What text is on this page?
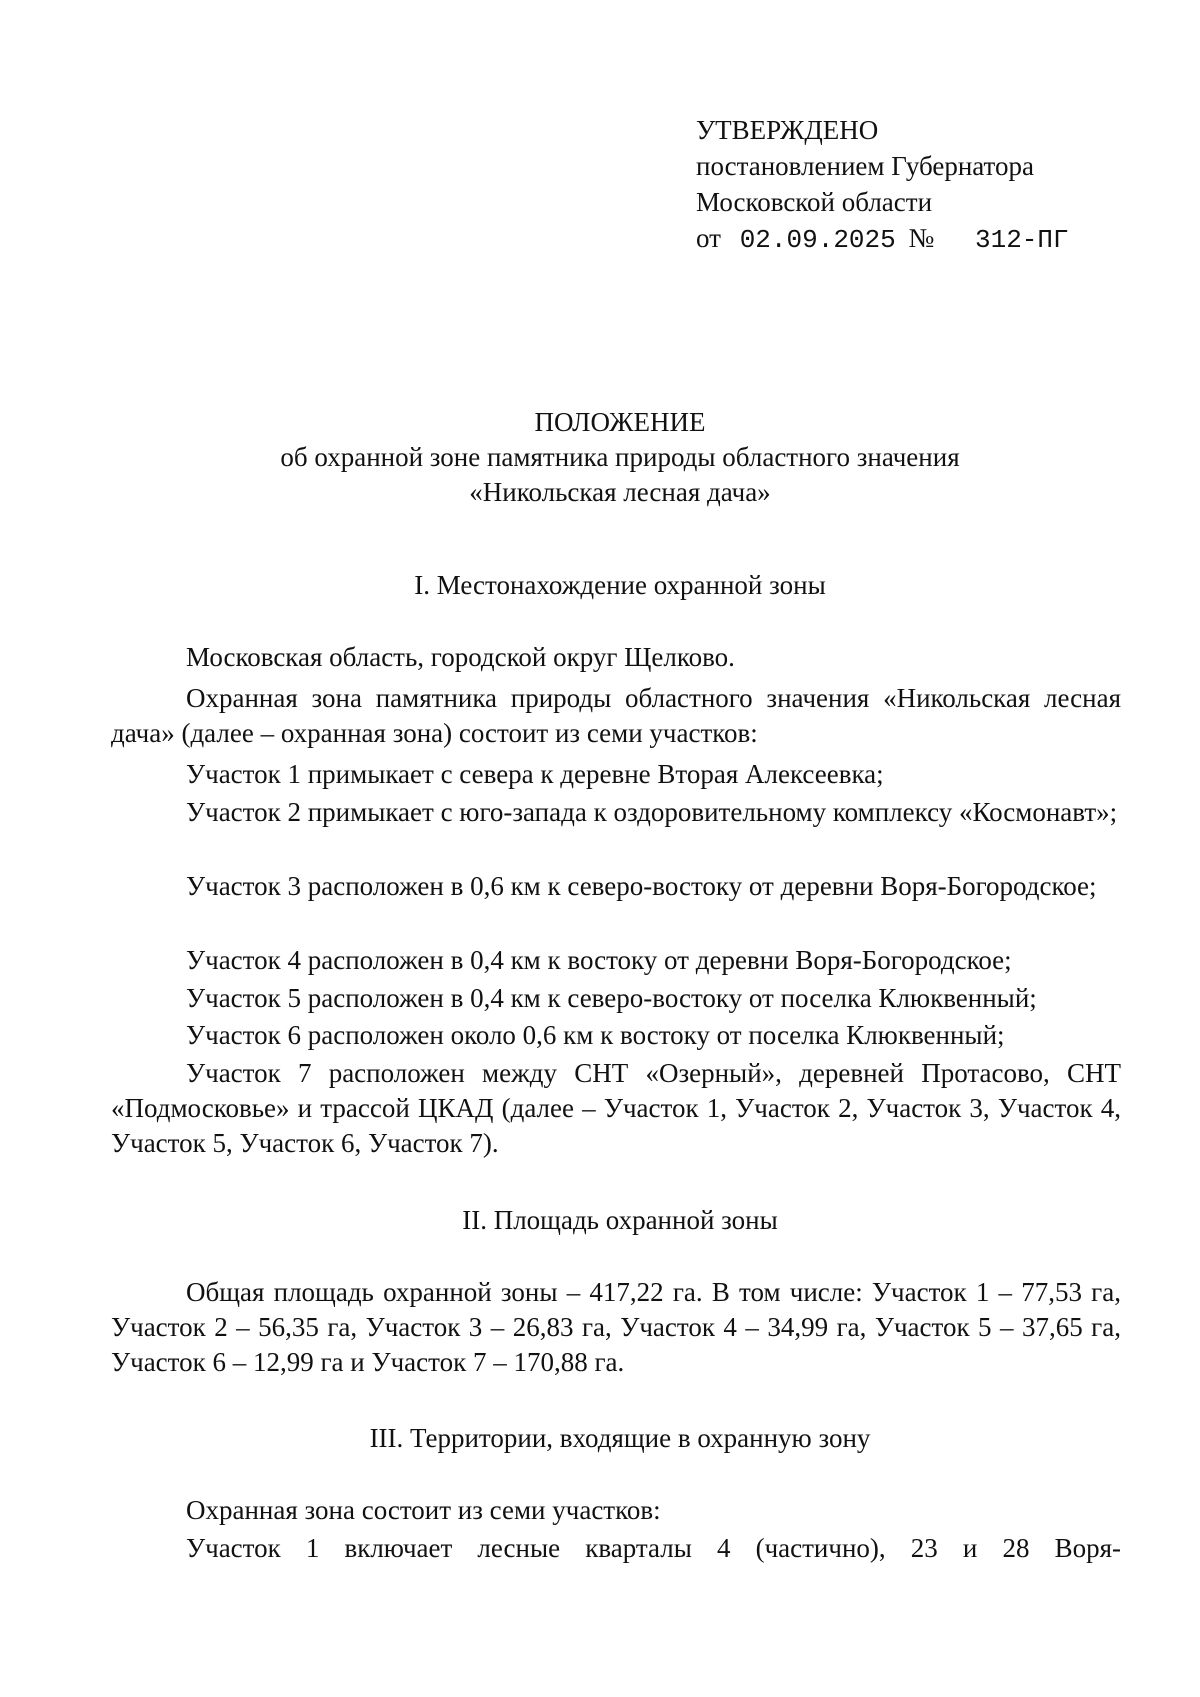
УТВЕРЖДЕНО
постановлением Губернатора
Московской области
от 02.09.2025 № 312-ПГ
ПОЛОЖЕНИЕ
об охранной зоне памятника природы областного значения
«Никольская лесная дача»
I. Местонахождение охранной зоны
Московская область, городской округ Щелково.
Охранная зона памятника природы областного значения «Никольская лесная дача» (далее – охранная зона) состоит из семи участков:
Участок 1 примыкает с севера к деревне Вторая Алексеевка;
Участок 2 примыкает с юго-запада к оздоровительному комплексу «Космонавт»;
Участок 3 расположен в 0,6 км к северо-востоку от деревни Воря-Богородское;
Участок 4 расположен в 0,4 км к востоку от деревни Воря-Богородское;
Участок 5 расположен в 0,4 км к северо-востоку от поселка Клюквенный;
Участок 6 расположен около 0,6 км к востоку от поселка Клюквенный;
Участок 7 расположен между СНТ «Озерный», деревней Протасово, СНТ «Подмосковье» и трассой ЦКАД (далее – Участок 1, Участок 2, Участок 3, Участок 4, Участок 5, Участок 6, Участок 7).
II. Площадь охранной зоны
Общая площадь охранной зоны – 417,22 га. В том числе: Участок 1 – 77,53 га, Участок 2 – 56,35 га, Участок 3 – 26,83 га, Участок 4 – 34,99 га, Участок 5 – 37,65 га, Участок 6 – 12,99 га и Участок 7 – 170,88 га.
III. Территории, входящие в охранную зону
Охранная зона состоит из семи участков:
Участок 1 включает лесные кварталы 4 (частично), 23 и 28 Воря-
